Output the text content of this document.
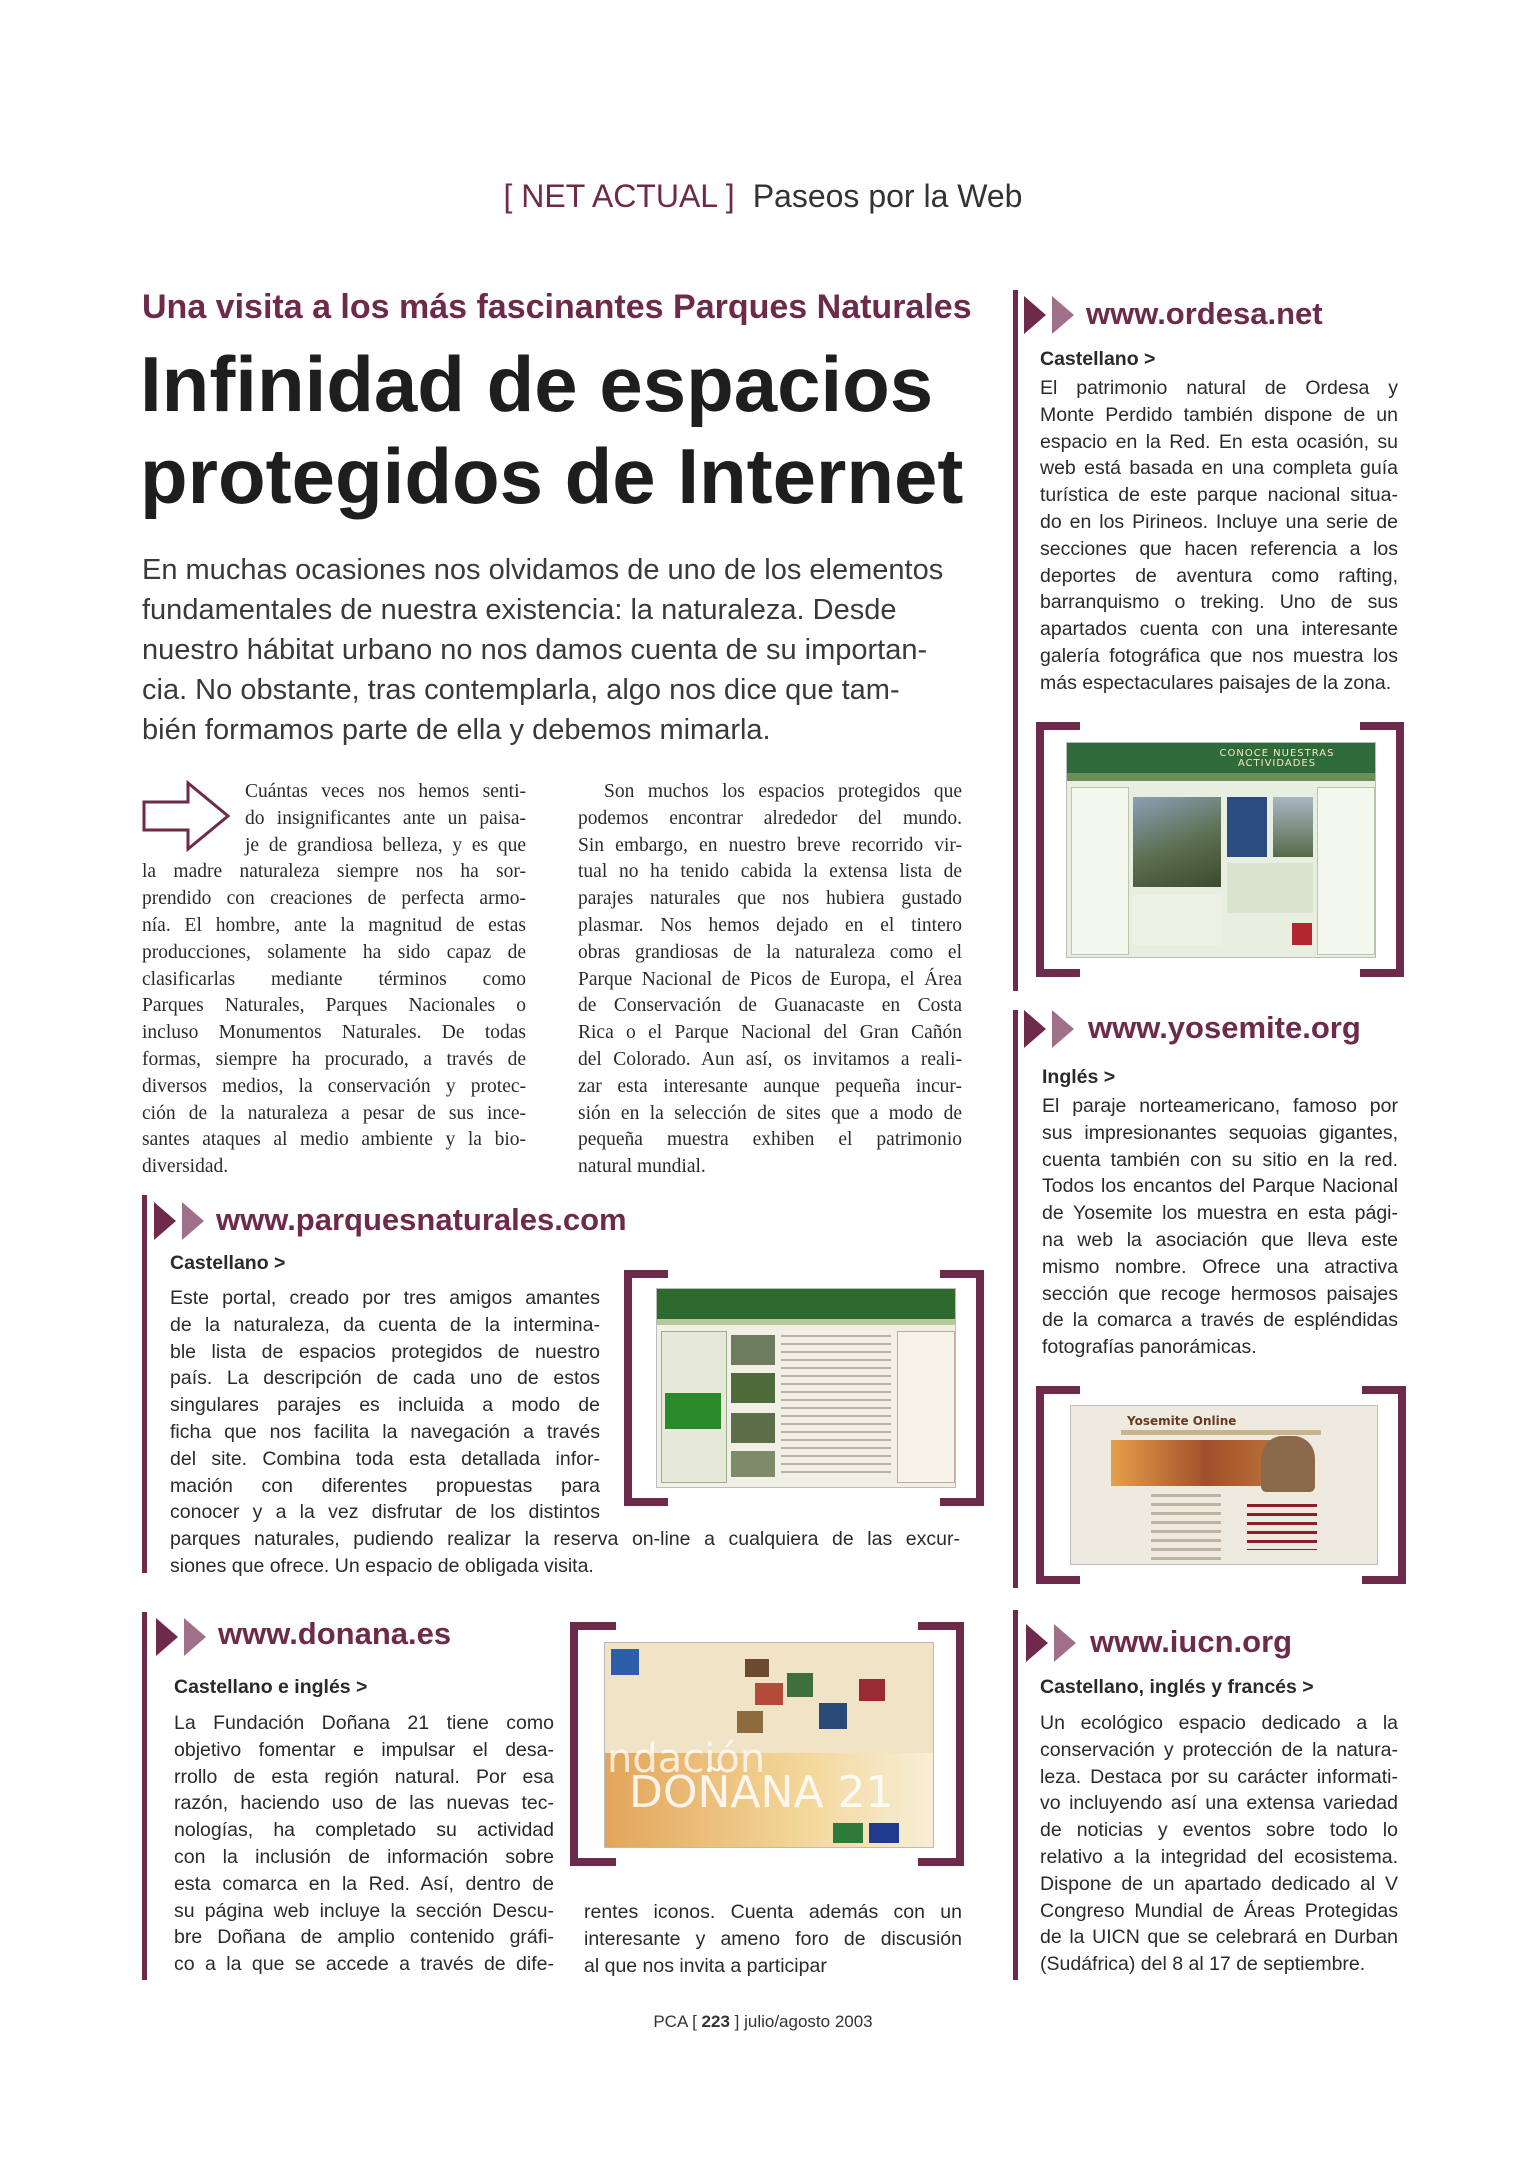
[ NET ACTUAL ] Paseos por la Web
Una visita a los más fascinantes Parques Naturales
Infinidad de espacios
protegidos de Internet
En muchas ocasiones nos olvidamos de uno de los elementos
fundamentales de nuestra existencia: la naturaleza. Desde
nuestro hábitat urbano no nos damos cuenta de su importan-
cia. No obstante, tras contemplarla, algo nos dice que tam-
bién formamos parte de ella y debemos mimarla.
Cuántas veces nos hemos senti-
do insignificantes ante un paisa-
je de grandiosa belleza, y es que
la madre naturaleza siempre nos ha sor-
prendido con creaciones de perfecta armo-
nía. El hombre, ante la magnitud de estas
producciones, solamente ha sido capaz de
clasificarlas mediante términos como
Parques Naturales, Parques Nacionales o
incluso Monumentos Naturales. De todas
formas, siempre ha procurado, a través de
diversos medios, la conservación y protec-
ción de la naturaleza a pesar de sus ince-
santes ataques al medio ambiente y la bio-
diversidad.
Son muchos los espacios protegidos que
podemos encontrar alrededor del mundo.
Sin embargo, en nuestro breve recorrido vir-
tual no ha tenido cabida la extensa lista de
parajes naturales que nos hubiera gustado
plasmar. Nos hemos dejado en el tintero
obras grandiosas de la naturaleza como el
Parque Nacional de Picos de Europa, el Área
de Conservación de Guanacaste en Costa
Rica o el Parque Nacional del Gran Cañón
del Colorado. Aun así, os invitamos a reali-
zar esta interesante aunque pequeña incur-
sión en la selección de sites que a modo de
pequeña muestra exhiben el patrimonio
natural mundial.
www.ordesa.net
Castellano >
El patrimonio natural de Ordesa y
Monte Perdido también dispone de un
espacio en la Red. En esta ocasión, su
web está basada en una completa guía
turística de este parque nacional situa-
do en los Pirineos. Incluye una serie de
secciones que hacen referencia a los
deportes de aventura como rafting,
barranquismo o treking. Uno de sus
apartados cuenta con una interesante
galería fotográfica que nos muestra los
más espectaculares paisajes de la zona.
CONOCE NUESTRAS ACTIVIDADES
www.yosemite.org
Inglés >
El paraje norteamericano, famoso por
sus impresionantes sequoias gigantes,
cuenta también con su sitio en la red.
Todos los encantos del Parque Nacional
de Yosemite los muestra en esta pági-
na web la asociación que lleva este
mismo nombre. Ofrece una atractiva
sección que recoge hermosos paisajes
de la comarca a través de espléndidas
fotografías panorámicas.
Yosemite Online
www.iucn.org
Castellano, inglés y francés >
Un ecológico espacio dedicado a la
conservación y protección de la natura-
leza. Destaca por su carácter informati-
vo incluyendo así una extensa variedad
de noticias y eventos sobre todo lo
relativo a la integridad del ecosistema.
Dispone de un apartado dedicado al V
Congreso Mundial de Áreas Protegidas
de la UICN que se celebrará en Durban
(Sudáfrica) del 8 al 17 de septiembre.
www.parquesnaturales.com
Castellano >
Este portal, creado por tres amigos amantes
de la naturaleza, da cuenta de la intermina-
ble lista de espacios protegidos de nuestro
país. La descripción de cada uno de estos
singulares parajes es incluida a modo de
ficha que nos facilita la navegación a través
del site. Combina toda esta detallada infor-
mación con diferentes propuestas para
conocer y a la vez disfrutar de los distintos
parques naturales, pudiendo realizar la reserva on-line a cualquiera de las excur-
siones que ofrece. Un espacio de obligada visita.
www.donana.es
Castellano e inglés >
La Fundación Doñana 21 tiene como
objetivo fomentar e impulsar el desa-
rrollo de esta región natural. Por esa
razón, haciendo uso de las nuevas tec-
nologías, ha completado su actividad
con la inclusión de información sobre
esta comarca en la Red. Así, dentro de
su página web incluye la sección Descu-
bre Doñana de amplio contenido gráfi-
co a la que se accede a través de dife-
rentes iconos. Cuenta además con un
interesante y ameno foro de discusión
al que nos invita a participar
ndación
DOÑANA 21
PCA [ 223 ] julio/agosto 2003
